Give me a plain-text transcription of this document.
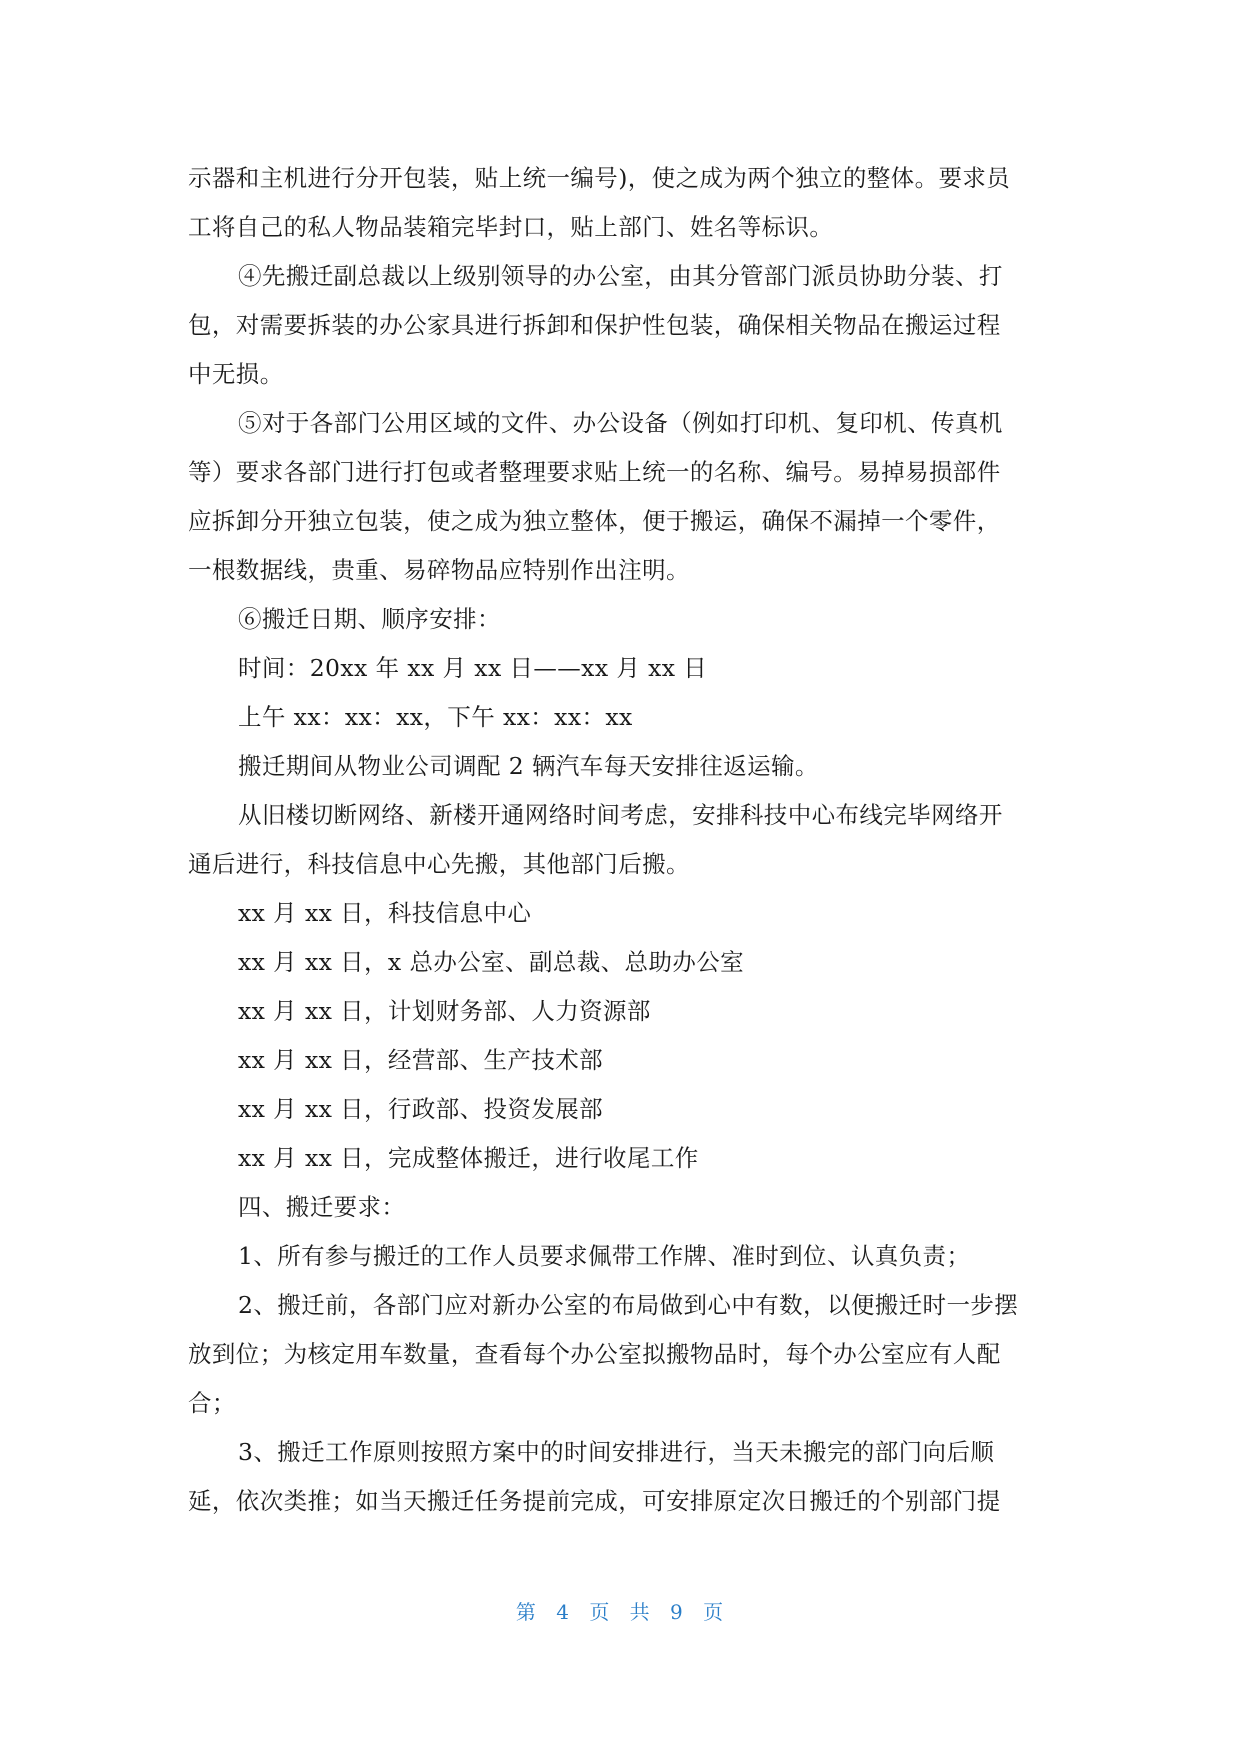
示器和主机进行分开包装，贴上统一编号)，使之成为两个独立的整体。要求员
工将自己的私人物品装箱完毕封口，贴上部门、姓名等标识。
④先搬迁副总裁以上级别领导的办公室，由其分管部门派员协助分装、打
包，对需要拆装的办公家具进行拆卸和保护性包装，确保相关物品在搬运过程
中无损。
⑤对于各部门公用区域的文件、办公设备（例如打印机、复印机、传真机
等）要求各部门进行打包或者整理要求贴上统一的名称、编号。易掉易损部件
应拆卸分开独立包装，使之成为独立整体，便于搬运，确保不漏掉一个零件，
一根数据线，贵重、易碎物品应特别作出注明。
⑥搬迁日期、顺序安排：
时间：20xx 年 xx 月 xx 日——xx 月 xx 日
上午 xx：xx：xx，下午 xx：xx：xx
搬迁期间从物业公司调配 2 辆汽车每天安排往返运输。
从旧楼切断网络、新楼开通网络时间考虑，安排科技中心布线完毕网络开
通后进行，科技信息中心先搬，其他部门后搬。
xx 月 xx 日，科技信息中心
xx 月 xx 日，x 总办公室、副总裁、总助办公室
xx 月 xx 日，计划财务部、人力资源部
xx 月 xx 日，经营部、生产技术部
xx 月 xx 日，行政部、投资发展部
xx 月 xx 日，完成整体搬迁，进行收尾工作
四、搬迁要求：
1、所有参与搬迁的工作人员要求佩带工作牌、准时到位、认真负责；
2、搬迁前，各部门应对新办公室的布局做到心中有数，以便搬迁时一步摆
放到位；为核定用车数量，查看每个办公室拟搬物品时，每个办公室应有人配
合；
3、搬迁工作原则按照方案中的时间安排进行，当天未搬完的部门向后顺
延，依次类推；如当天搬迁任务提前完成，可安排原定次日搬迁的个别部门提
第 4 页 共 9 页
